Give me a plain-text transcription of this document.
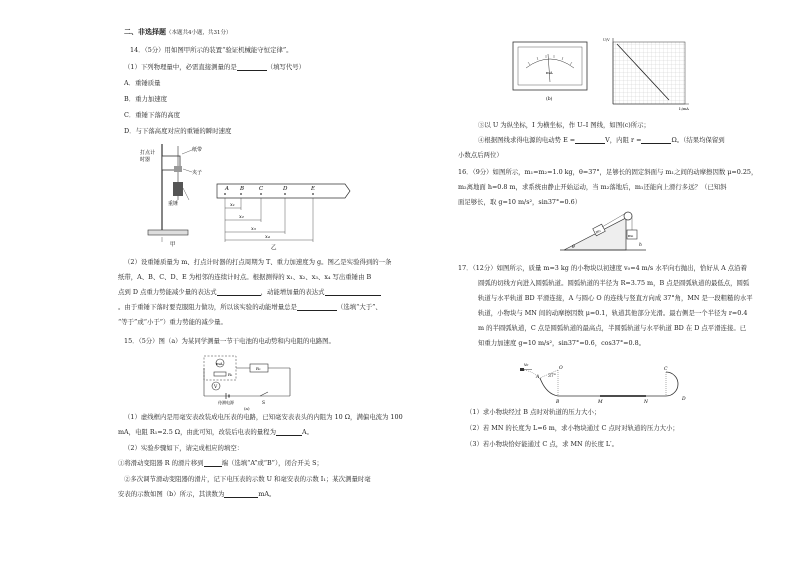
二、非选择题（本题共4小题，共31分）
14．（5分）用如图甲所示的装置“验证机械能守恒定律”。
（1）下列物理量中，必需直接测量的是	（填写代号）
A．重锤质量
B．重力加速度
C．重锤下落的高度
D．与下落高度对应的重锤的瞬时速度
打点计
时器
纸带
夹子
重锤
甲
A B	C	D	E
x₁
x₂
x₃
x₄
乙
（2）设重锤质量为 m、打点计时器的打点周期为 T、重力加速度为 g。图乙是实验得到的一条
纸带，A、B、C、D、E 为相邻的连续计时点。根据测得的 x₁、x₂、x₃、x₄ 写出重锤由 B
点到 D 点重力势能减少量的表达式	，动能增加量的表达式
。由于重锤下落时要克服阻力做功，所以该实验的动能增量总是	（选填“大于”、
“等于”或“小于”）重力势能的减少量。
15．（5分）图（a）为某同学测量一节干电池的电动势和内电阻的电路图。
mA
R₁
V
R₂
S
待测电源
(a)
（1）虚线框内是用毫安表改装成电压表的电路，已知毫安表表头的内阻为 10 Ω，满偏电流为 100
mA，电阻 R₁=2.5 Ω，由此可知，改装后电表的量程为	A。
（2）实验步骤如下，请完成相应的填空：
①将滑动变阻器 R 的滑片移到	端（选填“A”或“B”），闭合开关 S；
②多次调节滑动变阻器的滑片，记下电压表的示数 U 和毫安表的示数 I₁；某次测量时毫
安表的示数如图（b）所示，其读数为	mA。
mA
(b)
U/V
I₁/mA
③以 U 为纵坐标，I 为横坐标，作 U–I 图线，如图(c)所示；
④根据图线求得电源的电动势 E =	V，内阻 r =	Ω。（结果均保留到
小数点后两位）
16．（9分）如图所示，m₁=m₂=1.0 kg，θ=37°，足够长的固定斜面与 m₁之间的动摩擦因数 μ=0.25，
m₂离地面 h=0.8 m，求系统由静止开始运动，当 m₂落地后，m₁还能向上滑行多远？（已知斜
面足够长，取 g=10 m/s²，sin37°=0.6）
m₁
m₂
h
θ
17．（12分）如图所示，质量 m=3 kg 的小物块以初速度 v₀=4 m/s 水平向右抛出，恰好从 A 点沿着
圆弧的切线方向进入圆弧轨道。圆弧轨道的半径为 R=3.75 m，B 点是圆弧轨道的最低点，圆弧
轨道与水平轨道 BD 平滑连接，A 与圆心 O 的连线与竖直方向成 37°角，MN 是一段粗糙的水平
轨道，小物块与 MN 间的动摩擦因数 μ=0.1，轨道其他部分光滑。最右侧是一个半径为 r=0.4
m 的半圆弧轨道，C 点是圆弧轨道的最高点，半圆弧轨道与水平轨道 BD 在 D 点平滑连接。已
知重力加速度 g=10 m/s²，sin37°=0.6，cos37°=0.8。
v₀
A
O
37°
B	M	N
C
D
（1）求小物块经过 B 点时对轨道的压力大小；
（2）若 MN 的长度为 L=6 m，求小物块通过 C 点时对轨道的压力大小；
（3）若小物块恰好能通过 C 点，求 MN 的长度 L′。
